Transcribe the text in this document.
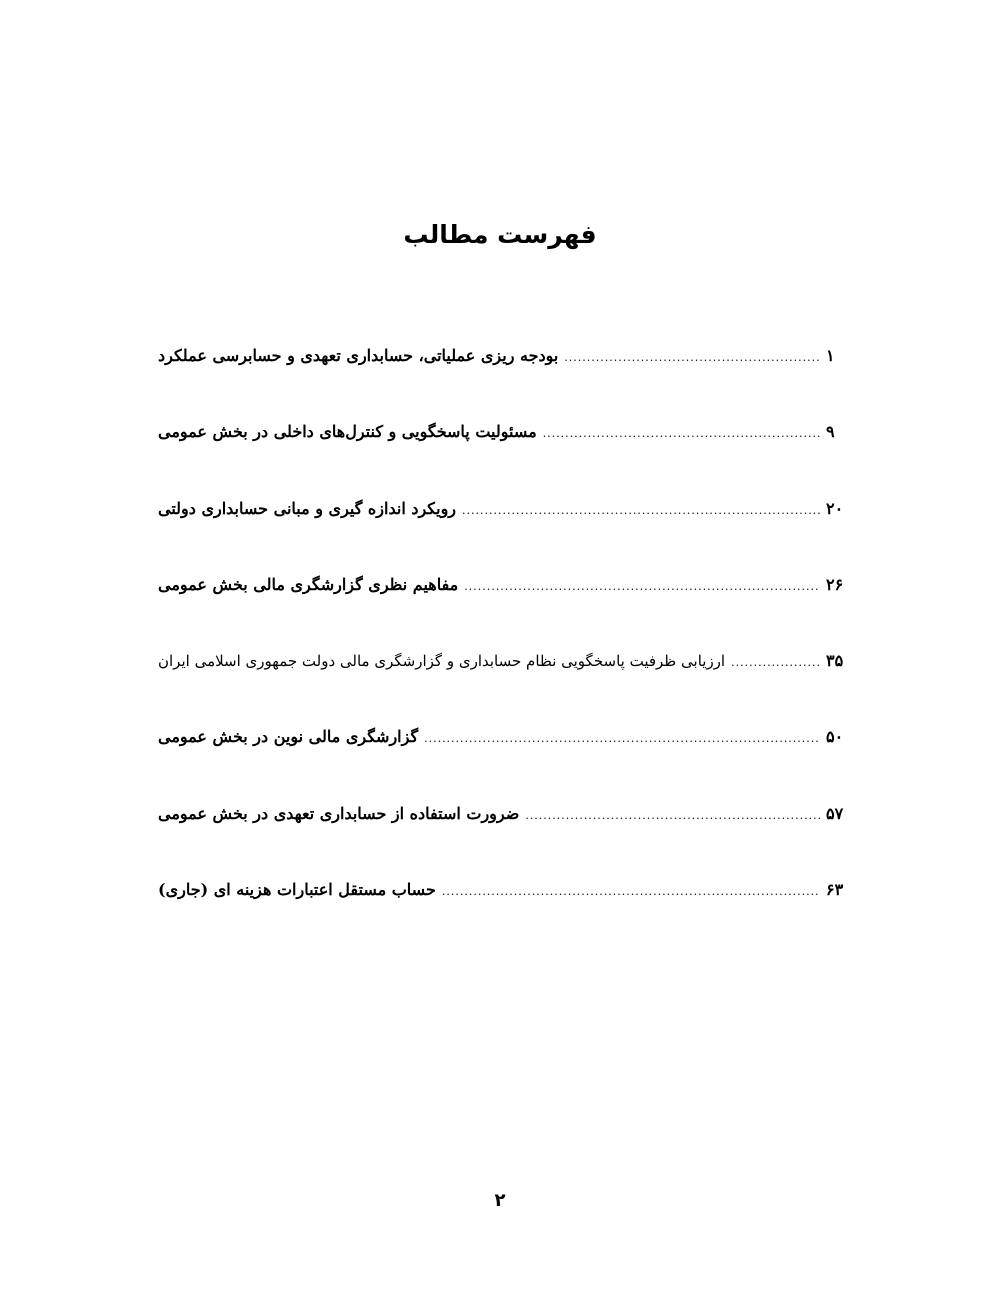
فهرست مطالب
بودجه ریزی عملیاتی، حسابداری تعهدی و حسابرسی عملکرد .....	۱
مسئولیت پاسخگویی و کنترل‌های داخلی در بخش عمومی .....	۹
رویکرد اندازه گیری و مبانی حسابداری دولتی .....	۲۰
مفاهیم نظری گزارشگری مالی بخش عمومی .....	۲۶
ارزیابی ظرفیت پاسخگویی نظام حسابداری و گزارشگری مالی دولت جمهوری اسلامی ایران .....	۳۵
گزارشگری مالی نوین در بخش عمومی .....	۵۰
ضرورت استفاده از حسابداری تعهدی در بخش عمومی .....	۵۷
حساب مستقل اعتبارات هزینه ای (جاری) .....	۶۳
۲
